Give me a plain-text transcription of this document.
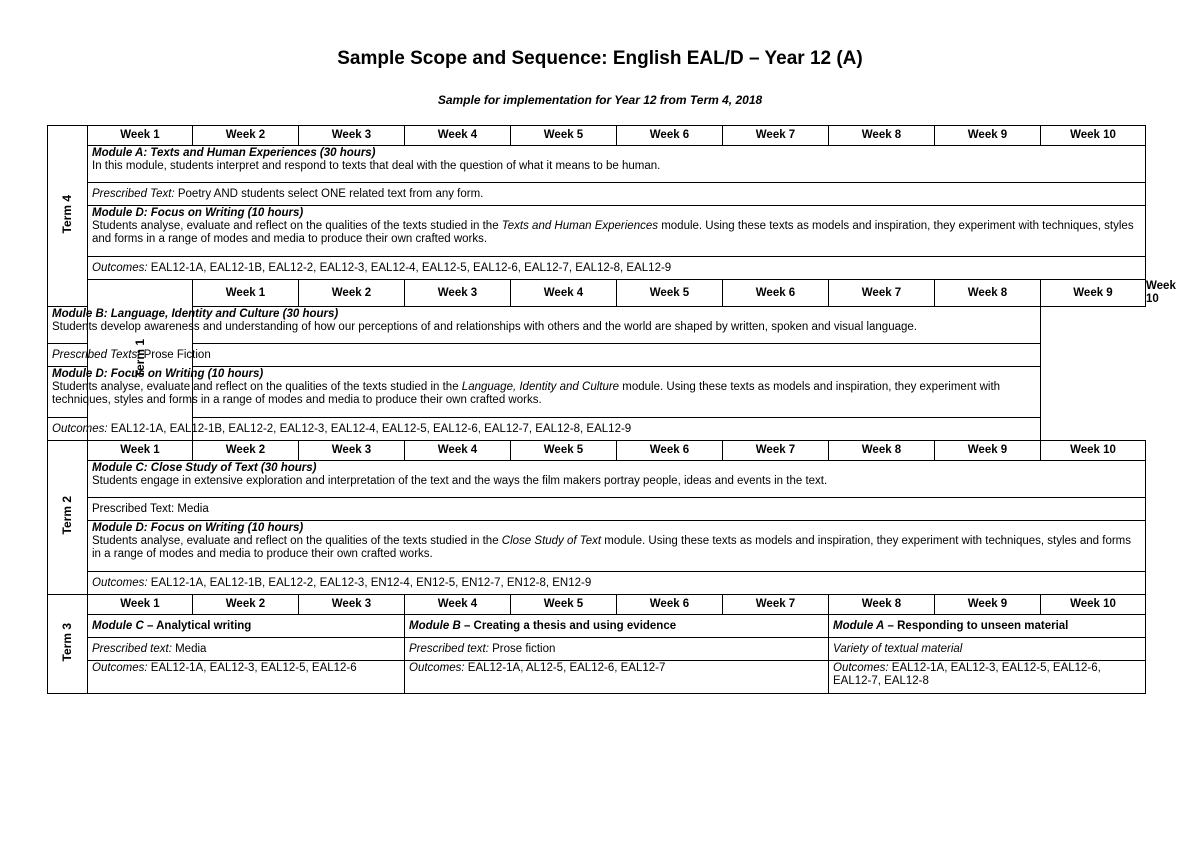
Sample Scope and Sequence: English EAL/D – Year 12 (A)
Sample for implementation for Year 12 from Term 4, 2018
Term 4	Week 1	Week 2	Week 3	Week 4	Week 5	Week 6	Week 7	Week 8	Week 9	Week 10	

	Module A: Texts and Human Experiences (30 hours)
In this module, students interpret and respond to texts that deal with the question of what it means to be human.										

	Prescribed Text: Poetry AND students select ONE related text from any form.										

	Module D: Focus on Writing (10 hours)
Students analyse, evaluate and reflect on the qualities of the texts studied in the Texts and Human Experiences module. Using these texts as models and inspiration, they experiment with techniques, styles and forms in a range of modes and media to produce their own crafted works.										

	Outcomes: EAL12-1A, EAL12-1B, EAL12-2, EAL12-3, EAL12-4, EAL12-5, EAL12-6, EAL12-7, EAL12-8, EAL12-9										
	Term 1	Week 1	Week 2	Week 3	Week 4	Week 5	Week 6	Week 7	Week 8	Week 9	Week 10

Module B: Language, Identity and Culture (30 hours)
Students develop awareness and understanding of how our perceptions of and relationships with others and the world are shaped by written, spoken and visual language.											

Prescribed Texts: Prose Fiction											

Module D: Focus on Writing (10 hours)
Students analyse, evaluate and reflect on the qualities of the texts studied in the Language, Identity and Culture module. Using these texts as models and inspiration, they experiment with techniques, styles and forms in a range of modes and media to produce their own crafted works.											

Outcomes: EAL12-1A, EAL12-1B, EAL12-2, EAL12-3, EAL12-4, EAL12-5, EAL12-6, EAL12-7, EAL12-8, EAL12-9											
Term 2	Week 1	Week 2	Week 3	Week 4	Week 5	Week 6	Week 7	Week 8	Week 9	Week 10	

	Module C: Close Study of Text (30 hours)
Students engage in extensive exploration and interpretation of the text and the ways the film makers portray people, ideas and events in the text.										

	Prescribed Text: Media										

	Module D: Focus on Writing (10 hours)
Students analyse, evaluate and reflect on the qualities of the texts studied in the Close Study of Text module. Using these texts as models and inspiration, they experiment with techniques, styles and forms in a range of modes and media to produce their own crafted works.										

	Outcomes: EAL12-1A, EAL12-1B, EAL12-2, EAL12-3, EN12-4, EN12-5, EN12-7, EN12-8, EN12-9										
Term 3	Week 1	Week 2	Week 3	Week 4	Week 5	Week 6	Week 7	Week 8	Week 9	Week 10	
	Module C – Analytical writing			Module B – Creating a thesis and using evidence				Module A – Responding to unseen material			
	Prescribed text: Media			Prescribed text: Prose fiction				Variety of textual material			
	Outcomes: EAL12-1A, EAL12-3, EAL12-5, EAL12-6			Outcomes: EAL12-1A, AL12-5, EAL12-6, EAL12-7				Outcomes: EAL12-1A, EAL12-3, EAL12-5, EAL12-6, EAL12-7, EAL12-8			
